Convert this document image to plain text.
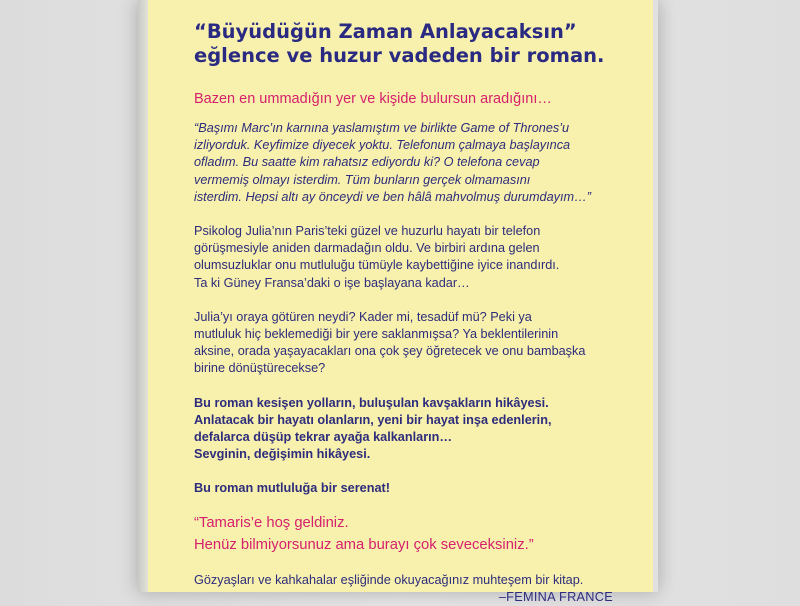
“Büyüdüğün Zaman Anlayacaksın”
eğlence ve huzur vadeden bir roman.
Bazen en ummadığın yer ve kişide bulursun aradığını…

“Başımı Marc’ın karnına yaslamıştım ve birlikte Game of Thrones’u
izliyorduk. Keyfimize diyecek yoktu. Telefonum çalmaya başlayınca
ofladım. Bu saatte kim rahatsız ediyordu ki? O telefona cevap
vermemiş olmayı isterdim. Tüm bunların gerçek olmamasını
isterdim. Hepsi altı ay önceydi ve ben hâlâ mahvolmuş durumdayım…”

Psikolog Julia’nın Paris’teki güzel ve huzurlu hayatı bir telefon
görüşmesiyle aniden darmadağın oldu. Ve birbiri ardına gelen
olumsuzluklar onu mutluluğu tümüyle kaybettiğine iyice inandırdı.
Ta ki Güney Fransa’daki o işe başlayana kadar…

Julia’yı oraya götüren neydi? Kader mi, tesadüf mü? Peki ya
mutluluk hiç beklemediği bir yere saklanmışsa? Ya beklentilerinin
aksine, orada yaşayacakları ona çok şey öğretecek ve onu bambaşka
birine dönüştürecekse?

Bu roman kesişen yolların, buluşulan kavşakların hikâyesi.
Anlatacak bir hayatı olanların, yeni bir hayat inşa edenlerin,
defalarca düşüp tekrar ayağa kalkanların…
Sevginin, değişimin hikâyesi.

Bu roman mutluluğa bir serenat!

“Tamaris’e hoş geldiniz.
Henüz bilmiyorsunuz ama burayı çok seveceksiniz.”

Gözyaşları ve kahkahalar eşliğinde okuyacağınız muhteşem bir kitap.

–FEMINA FRANCE
